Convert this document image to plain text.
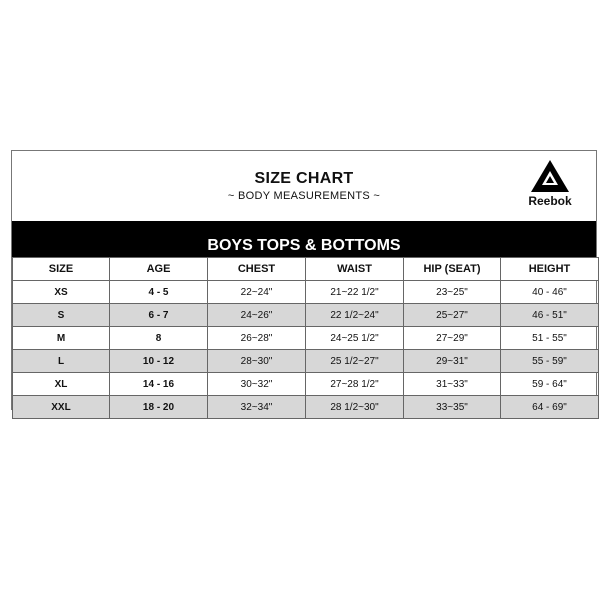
SIZE CHART
~ BODY MEASUREMENTS ~	Reebok
BOYS TOPS & BOTTOMS
SIZE	AGE	CHEST	WAIST	HIP (SEAT)	HEIGHT
XS	4 - 5	22~24"	21~22 1/2"	23~25"	40 - 46"
S	6 - 7	24~26"	22 1/2~24"	25~27"	46 - 51"
M	8	26~28"	24~25 1/2"	27~29"	51 - 55"
L	10 - 12	28~30"	25 1/2~27"	29~31"	55 - 59"
XL	14 - 16	30~32"	27~28 1/2"	31~33"	59 - 64"
XXL	18 - 20	32~34"	28 1/2~30"	33~35"	64 - 69"
